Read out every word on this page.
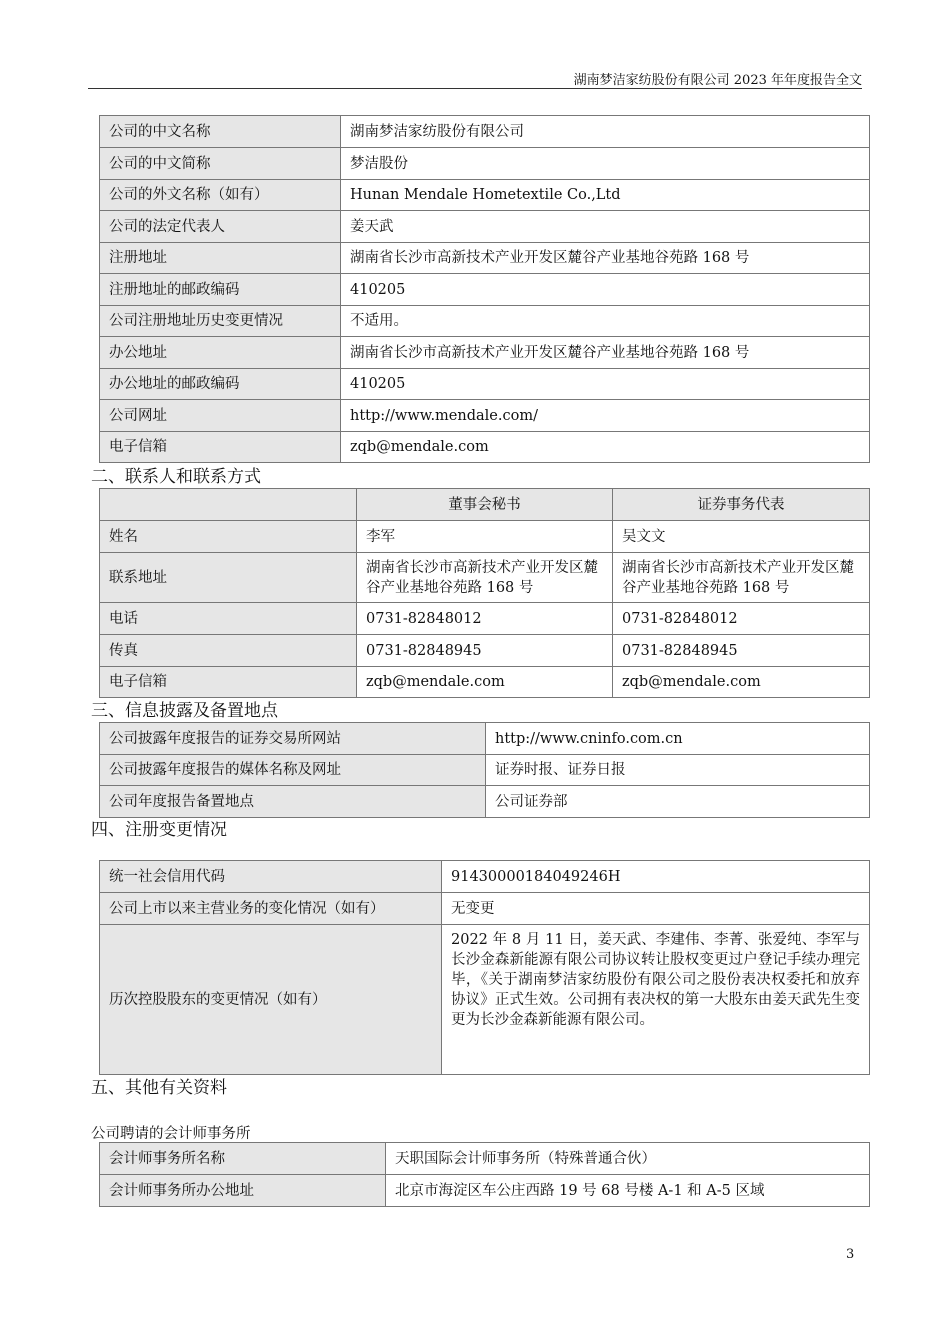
湖南梦洁家纺股份有限公司 2023 年年度报告全文
公司的中文名称	湖南梦洁家纺股份有限公司
公司的中文简称	梦洁股份
公司的外文名称（如有）	Hunan Mendale Hometextile Co.,Ltd
公司的法定代表人	姜天武
注册地址	湖南省长沙市高新技术产业开发区麓谷产业基地谷苑路 168 号
注册地址的邮政编码	410205
公司注册地址历史变更情况	不适用。
办公地址	湖南省长沙市高新技术产业开发区麓谷产业基地谷苑路 168 号
办公地址的邮政编码	410205
公司网址	http://www.mendale.com/
电子信箱	zqb@mendale.com
二、联系人和联系方式
	董事会秘书	证券事务代表
姓名	李军	吴文文
联系地址	湖南省长沙市高新技术产业开发区麓谷产业基地谷苑路 168 号	湖南省长沙市高新技术产业开发区麓谷产业基地谷苑路 168 号
电话	0731-82848012	0731-82848012
传真	0731-82848945	0731-82848945
电子信箱	zqb@mendale.com	zqb@mendale.com
三、信息披露及备置地点
公司披露年度报告的证券交易所网站	http://www.cninfo.com.cn
公司披露年度报告的媒体名称及网址	证券时报、证券日报
公司年度报告备置地点	公司证券部
四、注册变更情况
统一社会信用代码	91430000184049246H
公司上市以来主营业务的变化情况（如有）	无变更
历次控股股东的变更情况（如有）	2022 年 8 月 11 日，姜天武、李建伟、李菁、张爱纯、李军与长沙金森新能源有限公司协议转让股权变更过户登记手续办理完毕，《关于湖南梦洁家纺股份有限公司之股份表决权委托和放弃协议》正式生效。公司拥有表决权的第一大股东由姜天武先生变更为长沙金森新能源有限公司。
五、其他有关资料
公司聘请的会计师事务所
会计师事务所名称	天职国际会计师事务所（特殊普通合伙）
会计师事务所办公地址	北京市海淀区车公庄西路 19 号 68 号楼 A-1 和 A-5 区域
3
